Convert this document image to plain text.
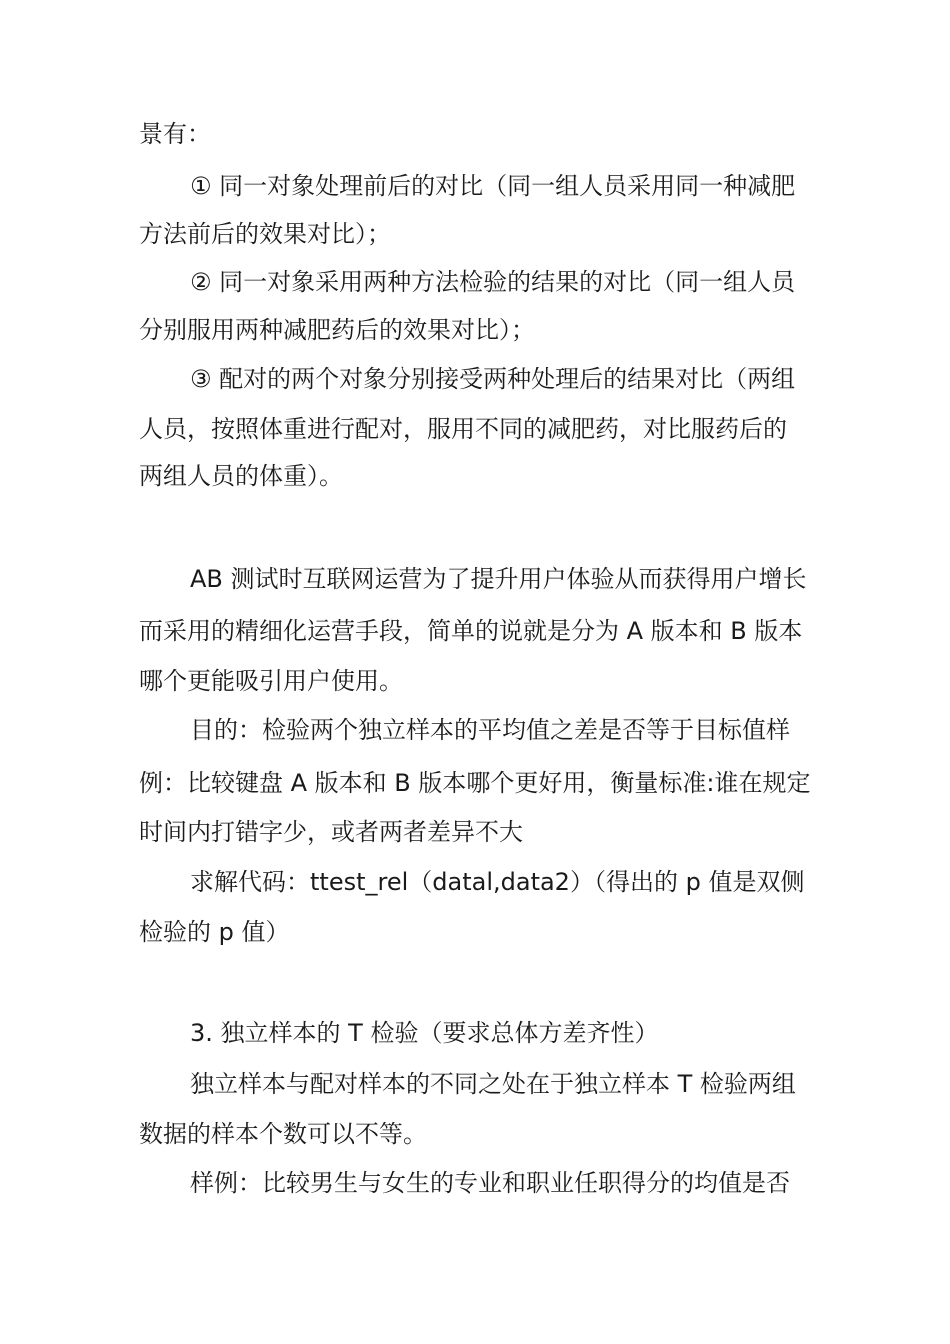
景有：
① 同一对象处理前后的对比（同一组人员采用同一种减肥
方法前后的效果对比）；
② 同一对象采用两种方法检验的结果的对比（同一组人员
分别服用两种减肥药后的效果对比）；
③ 配对的两个对象分别接受两种处理后的结果对比（两组
人员，按照体重进行配对，服用不同的减肥药，对比服药后的
两组人员的体重）。
AB 测试时互联网运营为了提升用户体验从而获得用户增长
而采用的精细化运营手段，简单的说就是分为 A 版本和 B 版本
哪个更能吸引用户使用。
目的：检验两个独立样本的平均值之差是否等于目标值样
例：比较键盘 A 版本和 B 版本哪个更好用，衡量标准:谁在规定
时间内打错字少，或者两者差异不大
求解代码：ttest_rel（datal,data2）（得出的 p 值是双侧
检验的 p 值）
3. 独立样本的 T 检验（要求总体方差齐性）
独立样本与配对样本的不同之处在于独立样本 T 检验两组
数据的样本个数可以不等。
样例：比较男生与女生的专业和职业任职得分的均值是否
